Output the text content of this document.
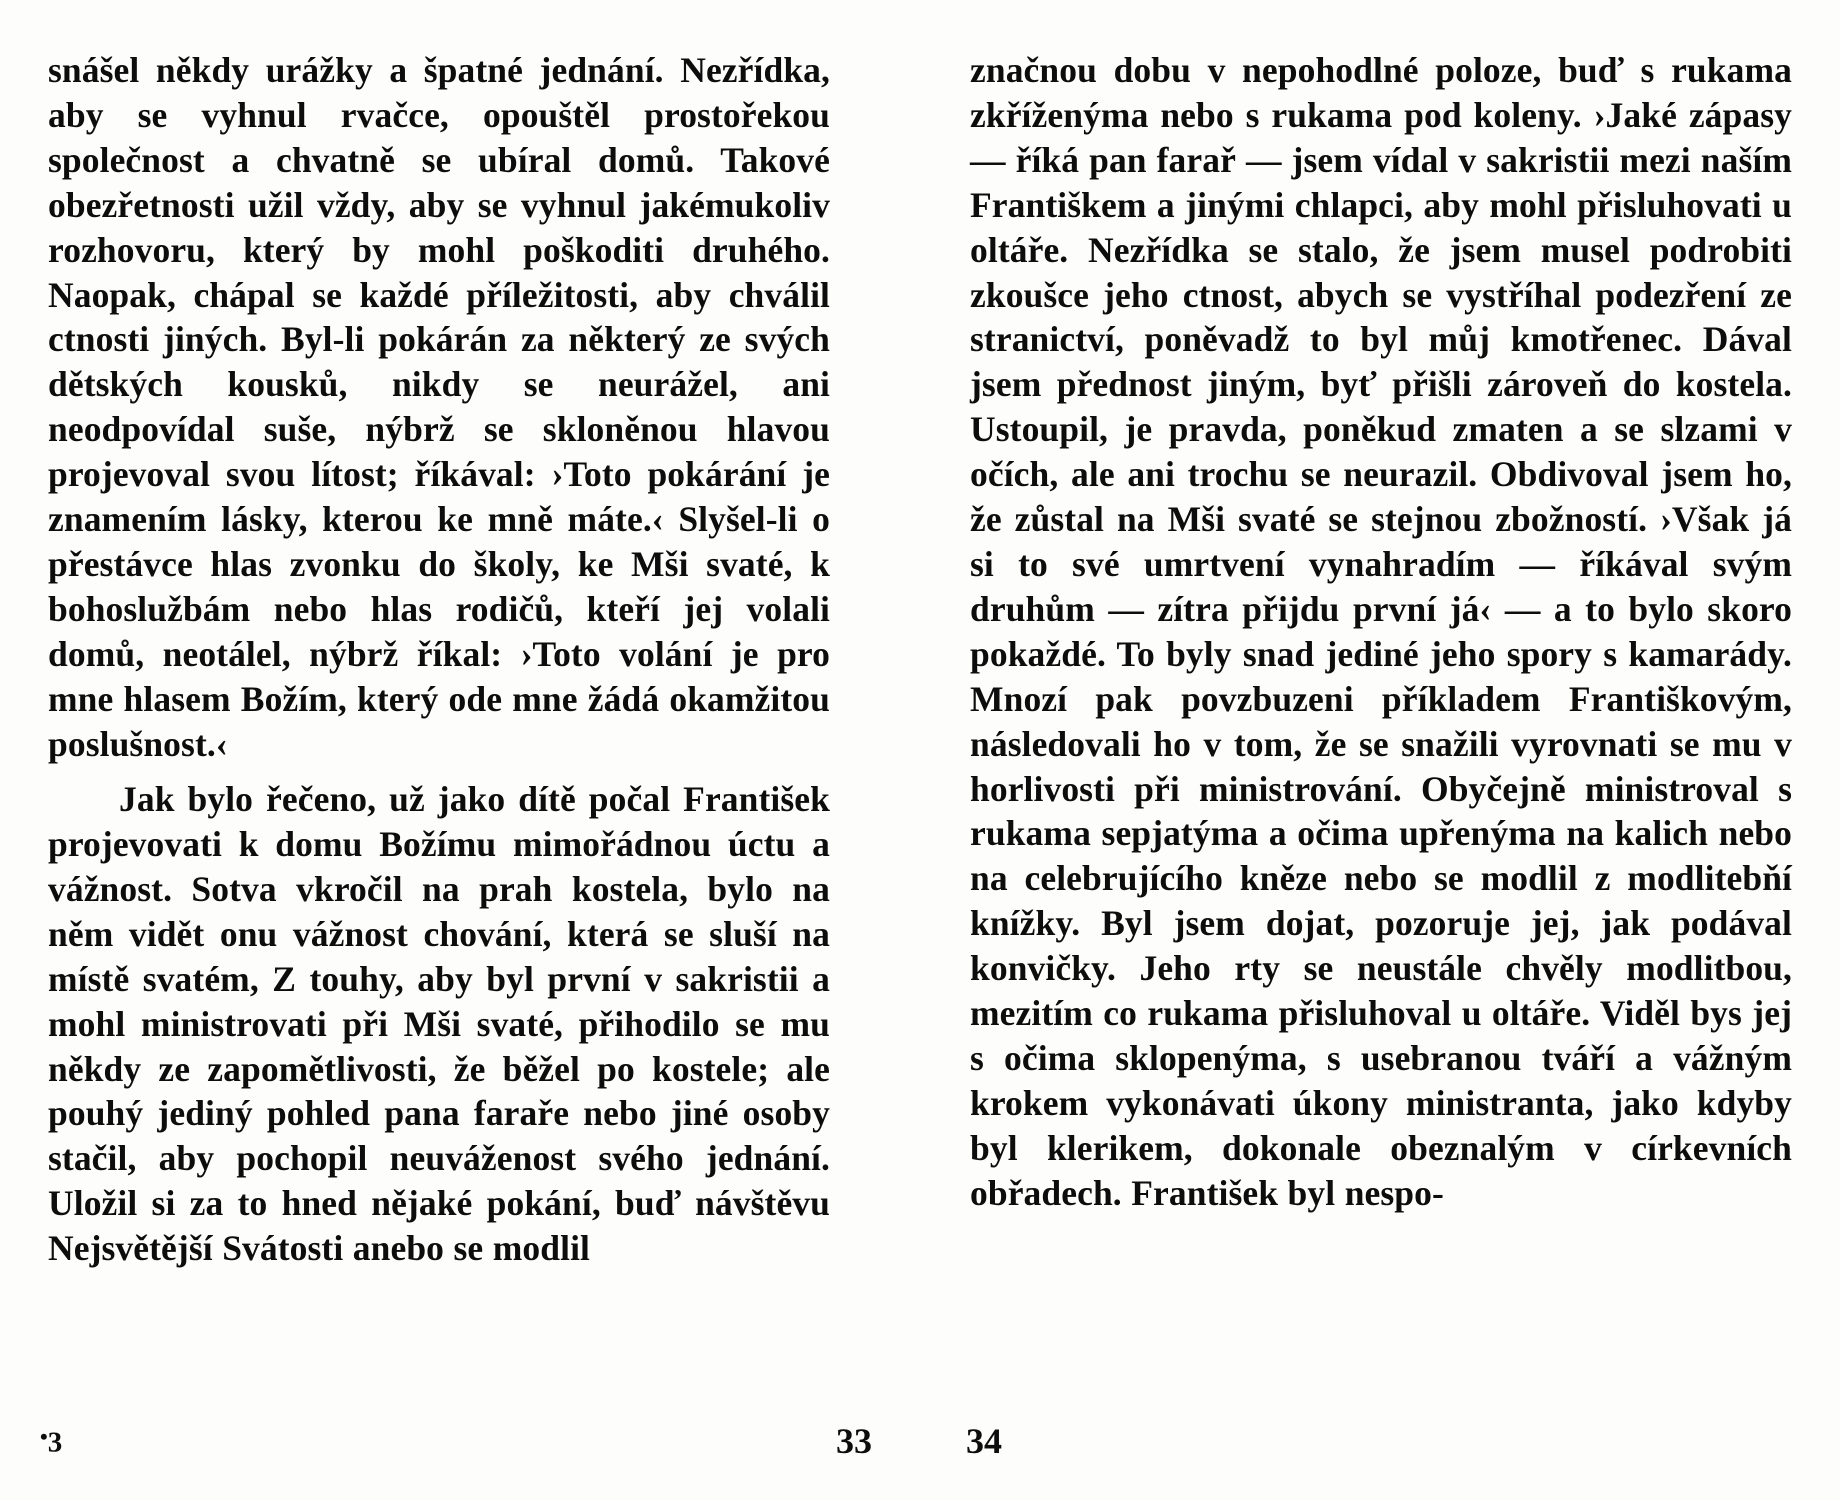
snášel někdy urážky a špatné jednání. Nezřídka, aby se vyhnul rvačce, opouštěl prostořekou společnost a chvatně se ubíral domů. Takové obezřetnosti užil vždy, aby se vyhnul jakémukoliv rozhovoru, který by mohl poškoditi druhého. Naopak, chápal se každé příležitosti, aby chválil ctnosti jiných. Byl-li pokárán za některý ze svých dětských kousků, nikdy se neurážel, ani neodpovídal suše, nýbrž se skloněnou hlavou projevoval svou lítost; říkával: ›Toto pokárání je znamením lásky, kterou ke mně máte.‹ Slyšel-li o přestávce hlas zvonku do školy, ke Mši svaté, k bohoslužbám nebo hlas rodičů, kteří jej volali domů, neotálel, nýbrž říkal: ›Toto volání je pro mne hlasem Božím, který ode mne žádá okamžitou poslušnost.‹

Jak bylo řečeno, už jako dítě počal František projevovati k domu Božímu mimořádnou úctu a vážnost. Sotva vkročil na prah kostela, bylo na něm vidět onu vážnost chování, která se sluší na místě svatém, Z touhy, aby byl první v sakristii a mohl ministrovati při Mši svaté, přihodilo se mu někdy ze zapomětlivosti, že běžel po kostele; ale pouhý jediný pohled pana faraře nebo jiné osoby stačil, aby pochopil neuváženost svého jednání. Uložil si za to hned nějaké pokání, buď návštěvu Nejsvětější Svátosti anebo se modlil

•3	33

značnou dobu v nepohodlné poloze, buď s rukama zkříženýma nebo s rukama pod koleny. ›Jaké zápasy — říká pan farař — jsem vídal v sakristii mezi naším Františkem a jinými chlapci, aby mohl přisluhovati u oltáře. Nezřídka se stalo, že jsem musel podrobiti zkoušce jeho ctnost, abych se vystříhal podezření ze stranictví, poněvadž to byl můj kmotřenec. Dával jsem přednost jiným, byť přišli zároveň do kostela. Ustoupil, je pravda, poněkud zmaten a se slzami v očích, ale ani trochu se neurazil. Obdivoval jsem ho, že zůstal na Mši svaté se stejnou zbožností. ›Však já si to své umrtvení vynahradím — říkával svým druhům — zítra přijdu první já‹ — a to bylo skoro pokaždé. To byly snad jediné jeho spory s kamarády. Mnozí pak povzbuzeni příkladem Františkovým, následovali ho v tom, že se snažili vyrovnati se mu v horlivosti při ministrování. Obyčejně ministroval s rukama sepjatýma a očima upřenýma na kalich nebo na celebrujícího kněze nebo se modlil z modlitebňí knížky. Byl jsem dojat, pozoruje jej, jak podával konvičky. Jeho rty se neustále chvěly modlitbou, mezitím co rukama přisluhoval u oltáře. Viděl bys jej s očima sklopenýma, s usebranou tváří a vážným krokem vykonávati úkony ministranta, jako kdyby byl klerikem, dokonale obeznalým v církevních obřadech. František byl nespo-

34
